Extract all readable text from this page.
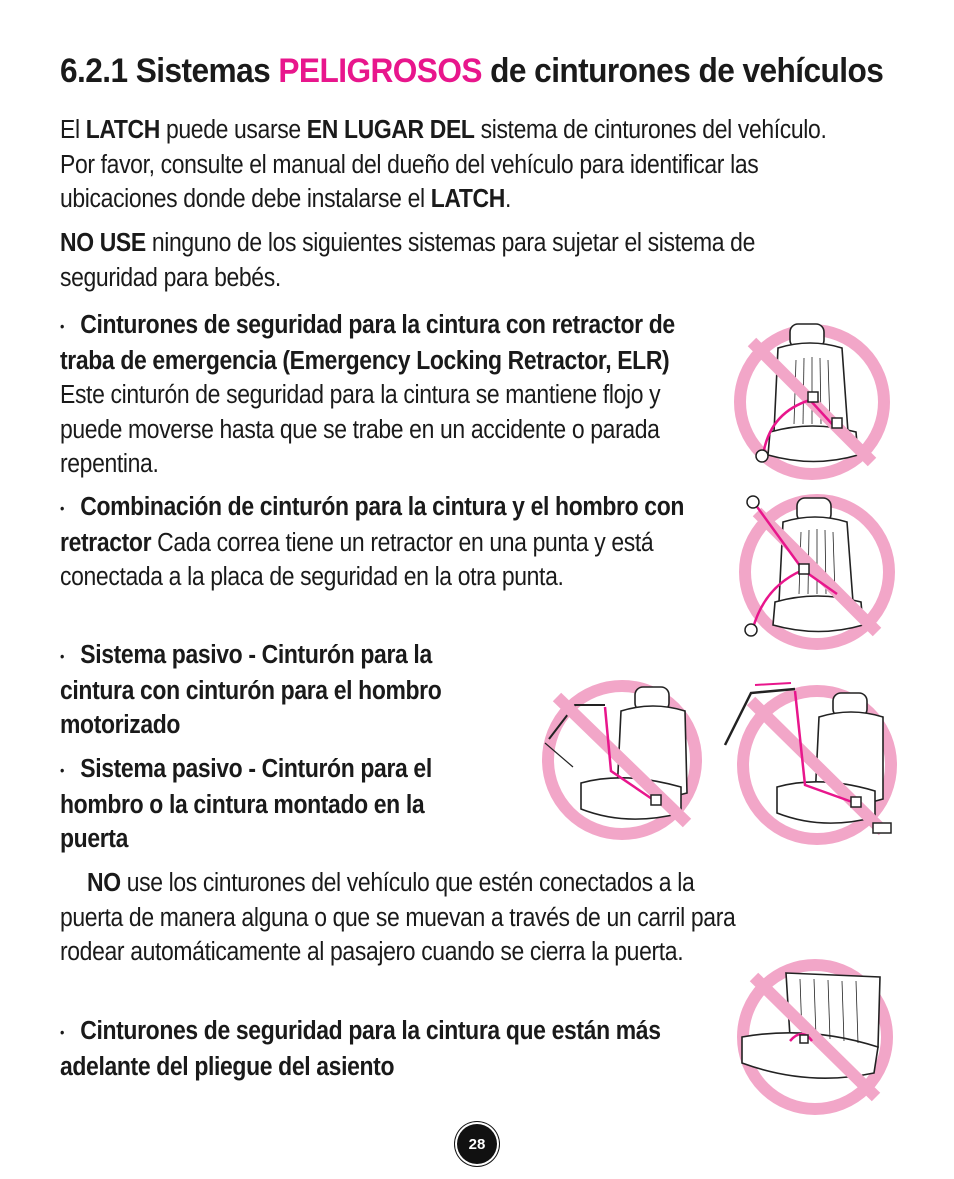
6.2.1 Sistemas PELIGROSOS de cinturones de vehículos

El LATCH puede usarse EN LUGAR DEL sistema de cinturones del vehículo. Por favor, consulte el manual del dueño del vehículo para identificar las ubicaciones donde debe instalarse el LATCH.

NO USE ninguno de los siguientes sistemas para sujetar el sistema de seguridad para bebés.

• Cinturones de seguridad para la cintura con retractor de traba de emergencia (Emergency Locking Retractor, ELR) Este cinturón de seguridad para la cintura se mantiene flojo y puede moverse hasta que se trabe en un accidente o parada repentina.

• Combinación de cinturón para la cintura y el hombro con retractor Cada correa tiene un retractor en una punta y está conectada a la placa de seguridad en la otra punta.

• Sistema pasivo - Cinturón para la cintura con cinturón para el hombro motorizado

• Sistema pasivo - Cinturón para el hombro o la cintura montado en la puerta

NO use los cinturones del vehículo que estén conectados a la puerta de manera alguna o que se muevan a través de un carril para rodear automáticamente al pasajero cuando se cierra la puerta.

• Cinturones de seguridad para la cintura que están más adelante del pliegue del asiento

28
